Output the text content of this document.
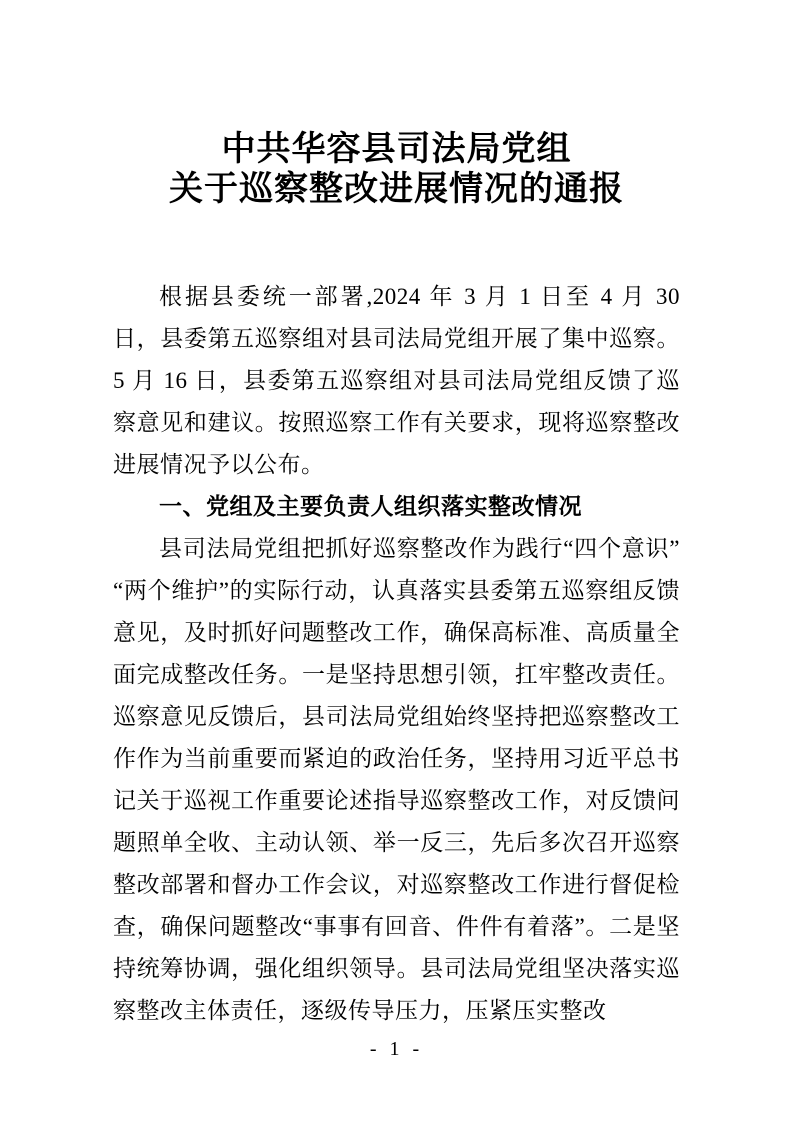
中共华容县司法局党组
关于巡察整改进展情况的通报

根据县委统一部署,2024 年 3 月 1 日至 4 月 30 日，县委第五巡察组对县司法局党组开展了集中巡察。5 月 16 日，县委第五巡察组对县司法局党组反馈了巡察意见和建议。按照巡察工作有关要求，现将巡察整改进展情况予以公布。

一、党组及主要负责人组织落实整改情况

县司法局党组把抓好巡察整改作为践行“四个意识”“两个维护”的实际行动，认真落实县委第五巡察组反馈意见，及时抓好问题整改工作，确保高标准、高质量全面完成整改任务。一是坚持思想引领，扛牢整改责任。巡察意见反馈后，县司法局党组始终坚持把巡察整改工作作为当前重要而紧迫的政治任务，坚持用习近平总书记关于巡视工作重要论述指导巡察整改工作，对反馈问题照单全收、主动认领、举一反三，先后多次召开巡察整改部署和督办工作会议，对巡察整改工作进行督促检查，确保问题整改“事事有回音、件件有着落”。二是坚持统筹协调，强化组织领导。县司法局党组坚决落实巡察整改主体责任，逐级传导压力，压紧压实整改

- 1 -
